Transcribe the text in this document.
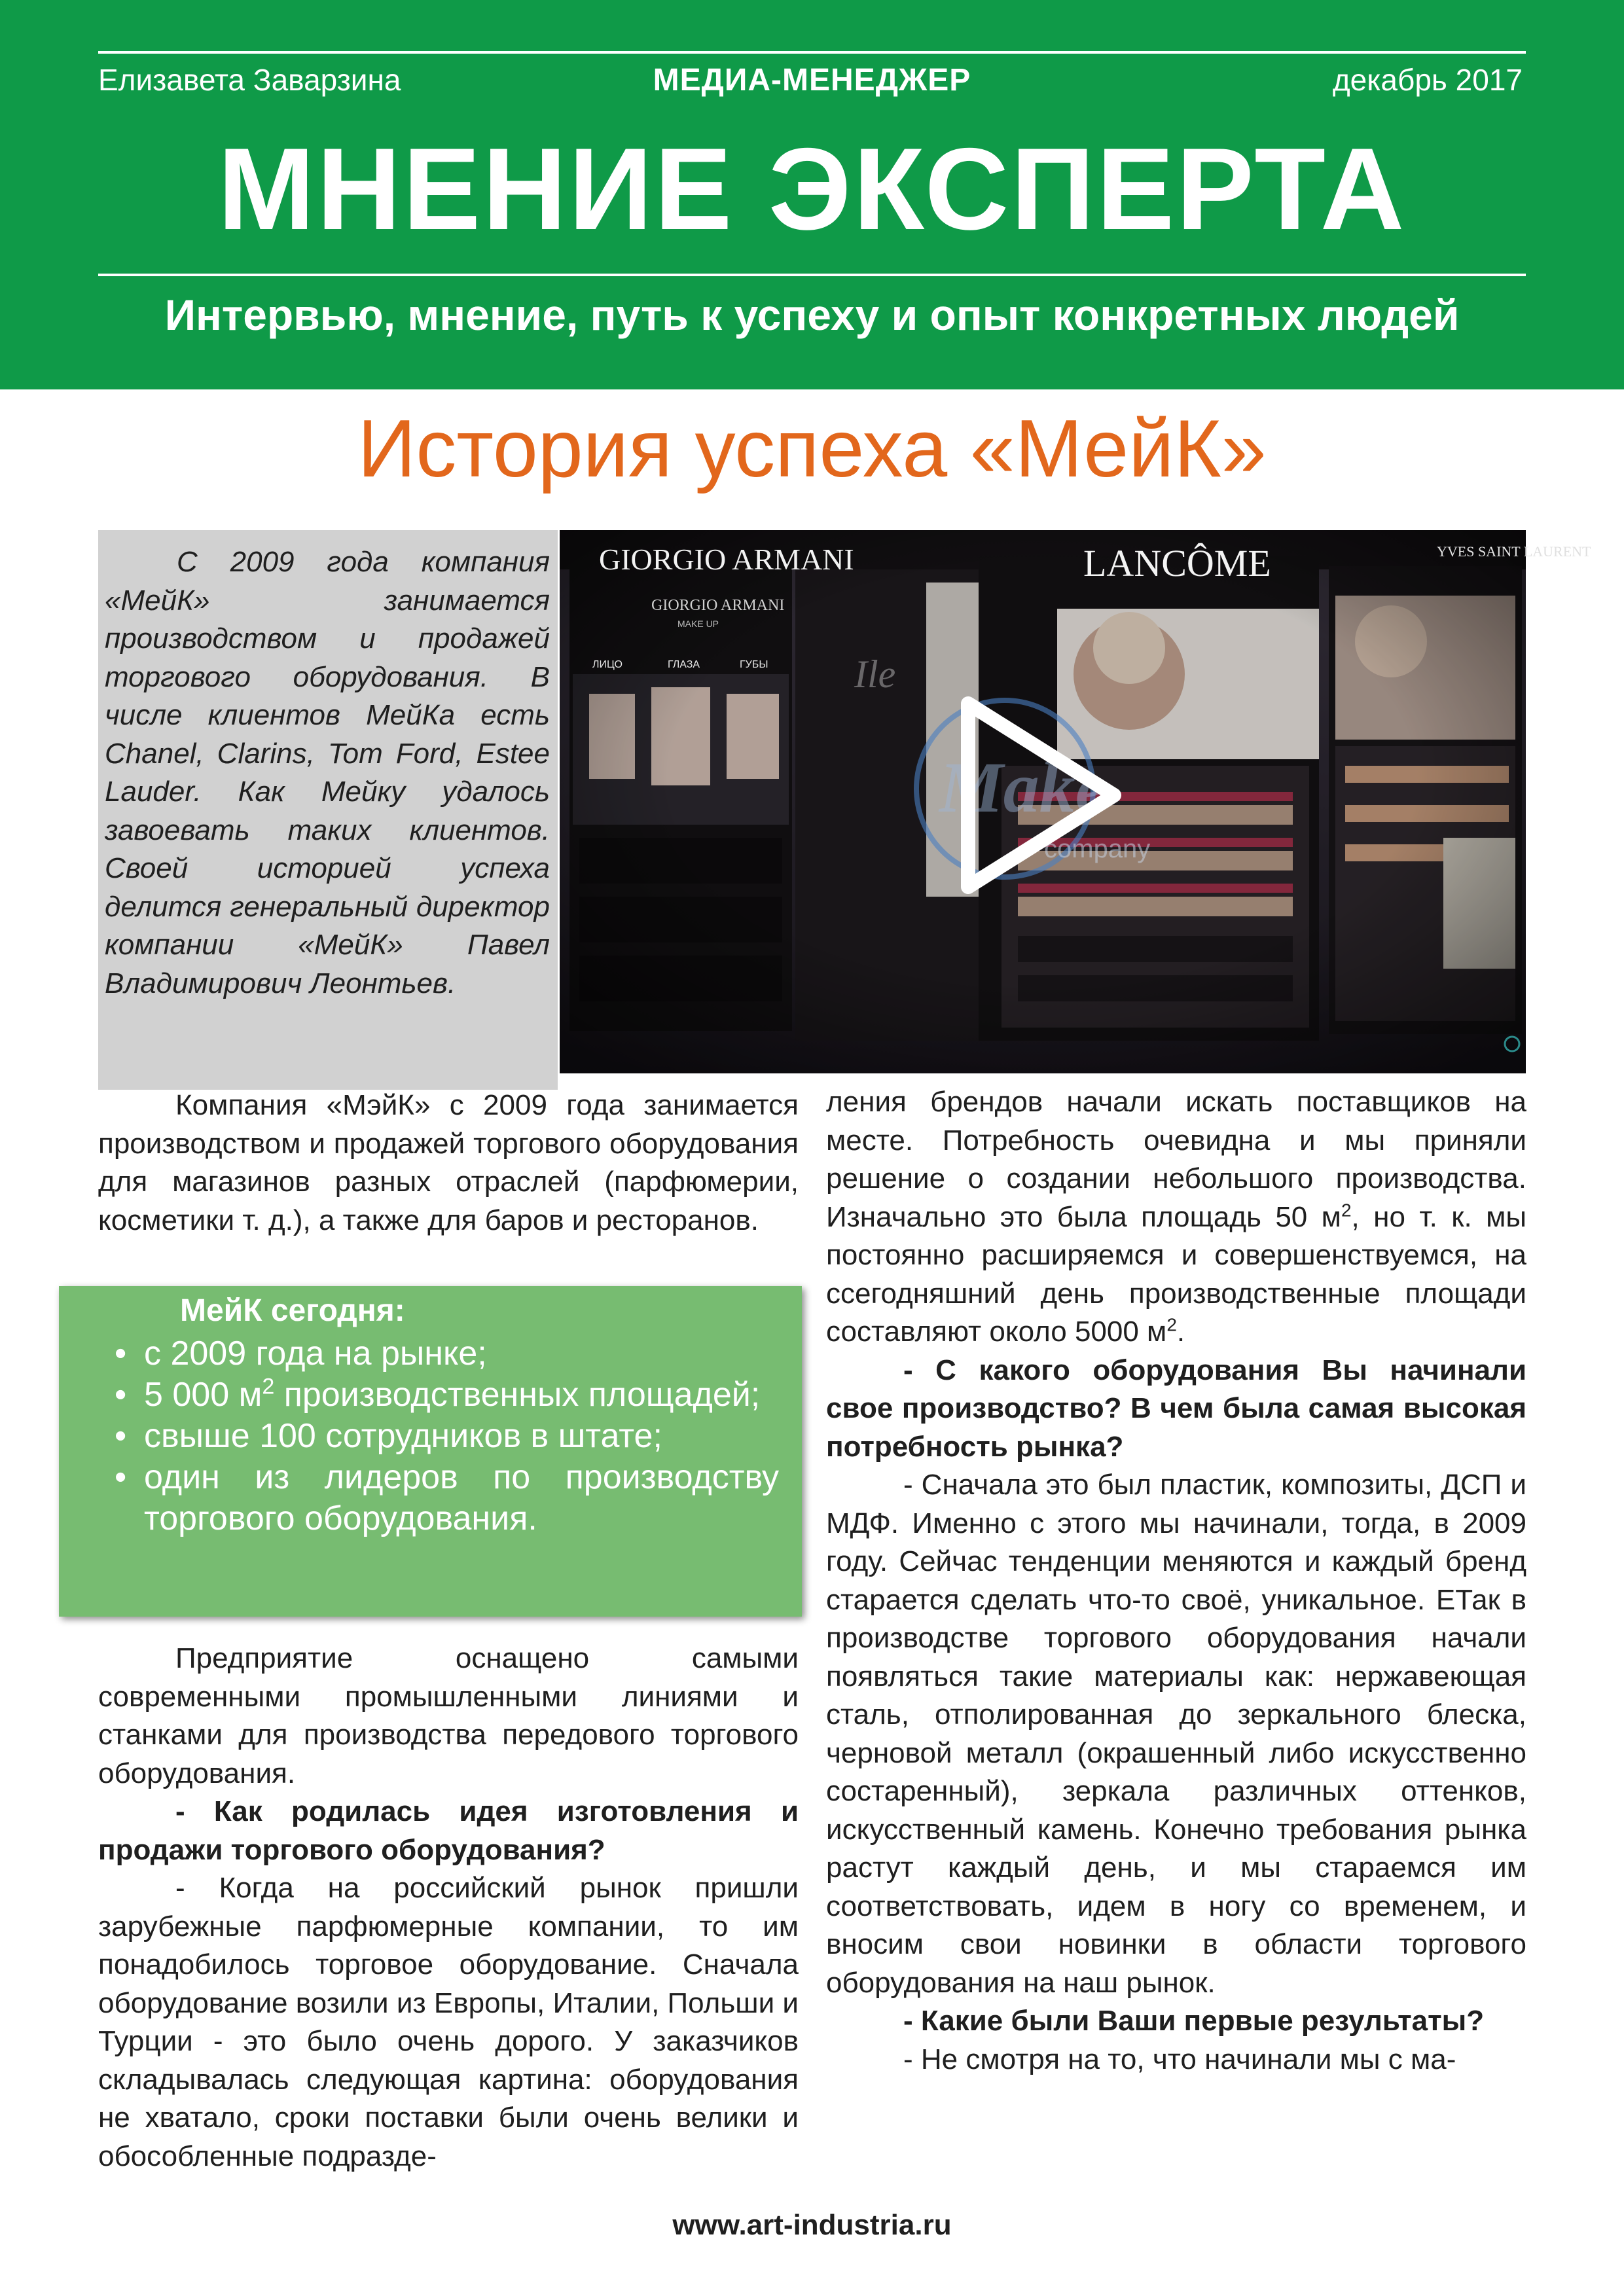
Елизавета Заварзина	МЕДИА-МЕНЕДЖЕР	декабрь 2017
МНЕНИЕ ЭКСПЕРТА
Интервью, мнение, путь к успеху и опыт конкретных людей
История успеха «МейК»

С 2009 года компания «МейК» занимается производством и продажей торгового оборудования. В числе клиентов МейКа есть Chanel, Clarins, Tom Ford, Estee Lauder. Как Мейку удалось завоевать таких клиентов. Своей историей успеха делится генеральный директор компании «МейК» Павел Владимирович Леонтьев.

GIORGIO ARMANI
GIORGIO ARMANI
MAKE UP
LANCÔME	YVES SAINT LAURENT
ЛИЦО	ГЛАЗА	ГУБЫ Ile
Make
company

Компания «МэйК» с 2009 года занимается производством и продажей торгового оборудования для магазинов разных отраслей (парфюмерии, косметики т. д.), а также для баров и ресторанов.

МейК сегодня:
• с 2009 года на рынке;
• 5 000 $м^2$ производственных площадей;
• свыше 100 сотрудников в штате;
• один из лидеров по производству торгового оборудования.

Предприятие оснащено самыми современными промышленными линиями и станками для производства передового торгового оборудования.

- Как родилась идея изготовления и продажи торгового оборудования?

- Когда на российский рынок пришли зарубежные парфюмерные компании, то им понадобилось торговое оборудование. Сначала оборудование возили из Европы, Италии, Польши и Турции - это было очень дорого. У заказчиков складывалась следующая картина: оборудования не хватало, сроки поставки были очень велики и обособленные подразде-

ления брендов начали искать поставщиков на месте. Потребность очевидна и мы приняли решение о создании небольшого производства. Изначально это была площадь 50 $м^2$, но т. к. мы постоянно расширяемся и совершенствуемся, на ссегодняшний день производственные площади составляют около 5000 $м^2$.

- С какого оборудования Вы начинали свое производство? В чем была самая высокая потребность рынка?

- Сначала это был пластик, композиты, ДСП и МДФ. Именно с этого мы начинали, тогда, в 2009 году. Сейчас тенденции меняются и каждый бренд старается сделать что-то своё, уникальное. ЕТак в производстве торгового оборудования начали появляться такие материалы как: нержавеющая сталь, отполированная до зеркального блеска, черновой металл (окрашенный либо искусственно состаренный), зеркала различных оттенков, искусственный камень. Конечно требования рынка растут каждый день, и мы стараемся им соответствовать, идем в ногу со временем, и вносим свои новинки в области торгового оборудования на наш рынок.

- Какие были Ваши первые результаты?

- Не смотря на то, что начинали мы с ма-

www.art-industria.ru
